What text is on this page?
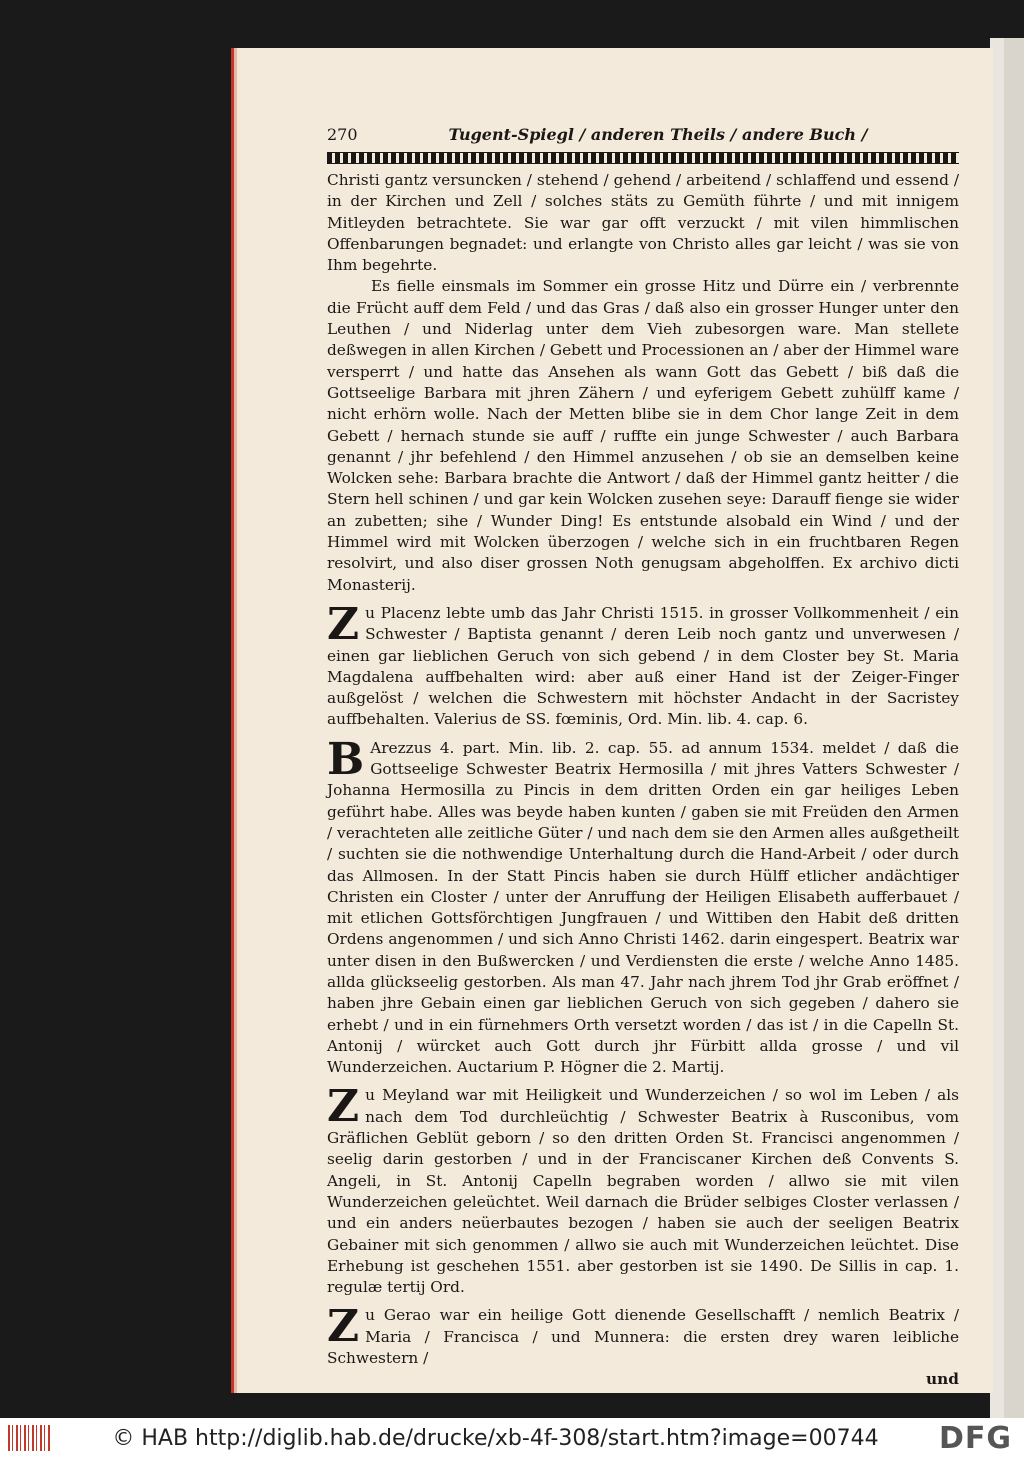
270	Tugent-Spiegl / anderen Theils / andere Buch /

Christi gantz versuncken / stehend / gehend / arbeitend / schlaffend und essend / in der Kirchen und Zell / solches stäts zu Gemüth führte / und mit innigem Mitleyden betrachtete. Sie war gar offt verzuckt / mit vilen himmlischen Offenbarungen begnadet: und erlangte von Christo alles gar leicht / was sie von Ihm begehrte.

Es fielle einsmals im Sommer ein grosse Hitz und Dürre ein / verbrennte die Frücht auff dem Feld / und das Gras / daß also ein grosser Hunger unter den Leuthen / und Niderlag unter dem Vieh zubesorgen ware. Man stellete deßwegen in allen Kirchen / Gebett und Processionen an / aber der Himmel ware versperrt / und hatte das Ansehen als wann Gott das Gebett / biß daß die Gottseelige Barbara mit jhren Zähern / und eyferigem Gebett zuhülff kame / nicht erhörn wolle. Nach der Metten blibe sie in dem Chor lange Zeit in dem Gebett / hernach stunde sie auff / ruffte ein junge Schwester / auch Barbara genannt / jhr befehlend / den Himmel anzusehen / ob sie an demselben keine Wolcken sehe: Barbara brachte die Antwort / daß der Himmel gantz heitter / die Stern hell schinen / und gar kein Wolcken zusehen seye: Darauff fienge sie wider an zubetten; sihe / Wunder Ding! Es entstunde alsobald ein Wind / und der Himmel wird mit Wolcken überzogen / welche sich in ein fruchtbaren Regen resolvirt, und also diser grossen Noth genugsam abgeholffen. Ex archivo dicti Monasterij.

Z u Placenz lebte umb das Jahr Christi 1515. in grosser Vollkommenheit / ein Schwester / Baptista genannt / deren Leib noch gantz und unverwesen / einen gar lieblichen Geruch von sich gebend / in dem Closter bey St. Maria Magdalena auffbehalten wird: aber auß einer Hand ist der Zeiger-Finger außgelöst / welchen die Schwestern mit höchster Andacht in der Sacristey auffbehalten. Valerius de SS. fœminis, Ord. Min. lib. 4. cap. 6.

B Arezzus 4. part. Min. lib. 2. cap. 55. ad annum 1534. meldet / daß die Gottseelige Schwester Beatrix Hermosilla / mit jhres Vatters Schwester / Johanna Hermosilla zu Pincis in dem dritten Orden ein gar heiliges Leben geführt habe. Alles was beyde haben kunten / gaben sie mit Freüden den Armen / verachteten alle zeitliche Güter / und nach dem sie den Armen alles außgetheilt / suchten sie die nothwendige Unterhaltung durch die Hand-Arbeit / oder durch das Allmosen. In der Statt Pincis haben sie durch Hülff etlicher andächtiger Christen ein Closter / unter der Anruffung der Heiligen Elisabeth aufferbauet / mit etlichen Gottsförchtigen Jungfrauen / und Wittiben den Habit deß dritten Ordens angenommen / und sich Anno Christi 1462. darin eingespert. Beatrix war unter disen in den Bußwercken / und Verdiensten die erste / welche Anno 1485. allda glückseelig gestorben. Als man 47. Jahr nach jhrem Tod jhr Grab eröffnet / haben jhre Gebain einen gar lieblichen Geruch von sich gegeben / dahero sie erhebt / und in ein fürnehmers Orth versetzt worden / das ist / in die Capelln St. Antonij / würcket auch Gott durch jhr Fürbitt allda grosse / und vil Wunderzeichen. Auctarium P. Högner die 2. Martij.

Z u Meyland war mit Heiligkeit und Wunderzeichen / so wol im Leben / als nach dem Tod durchleüchtig / Schwester Beatrix à Rusconibus, vom Gräflichen Geblüt geborn / so den dritten Orden St. Francisci angenommen / seelig darin gestorben / und in der Franciscaner Kirchen deß Convents S. Angeli, in St. Antonij Capelln begraben worden / allwo sie mit vilen Wunderzeichen geleüchtet. Weil darnach die Brüder selbiges Closter verlassen / und ein anders neüerbautes bezogen / haben sie auch der seeligen Beatrix Gebainer mit sich genommen / allwo sie auch mit Wunderzeichen leüchtet. Dise Erhebung ist geschehen 1551. aber gestorben ist sie 1490. De Sillis in cap. 1. regulæ tertij Ord.

Z u Gerao war ein heilige Gott dienende Gesellschafft / nemlich Beatrix / Maria / Francisca / und Munnera: die ersten drey waren leibliche Schwestern /

und
© HAB http://diglib.hab.de/drucke/xb-4f-308/start.htm?image=00744	DFG
